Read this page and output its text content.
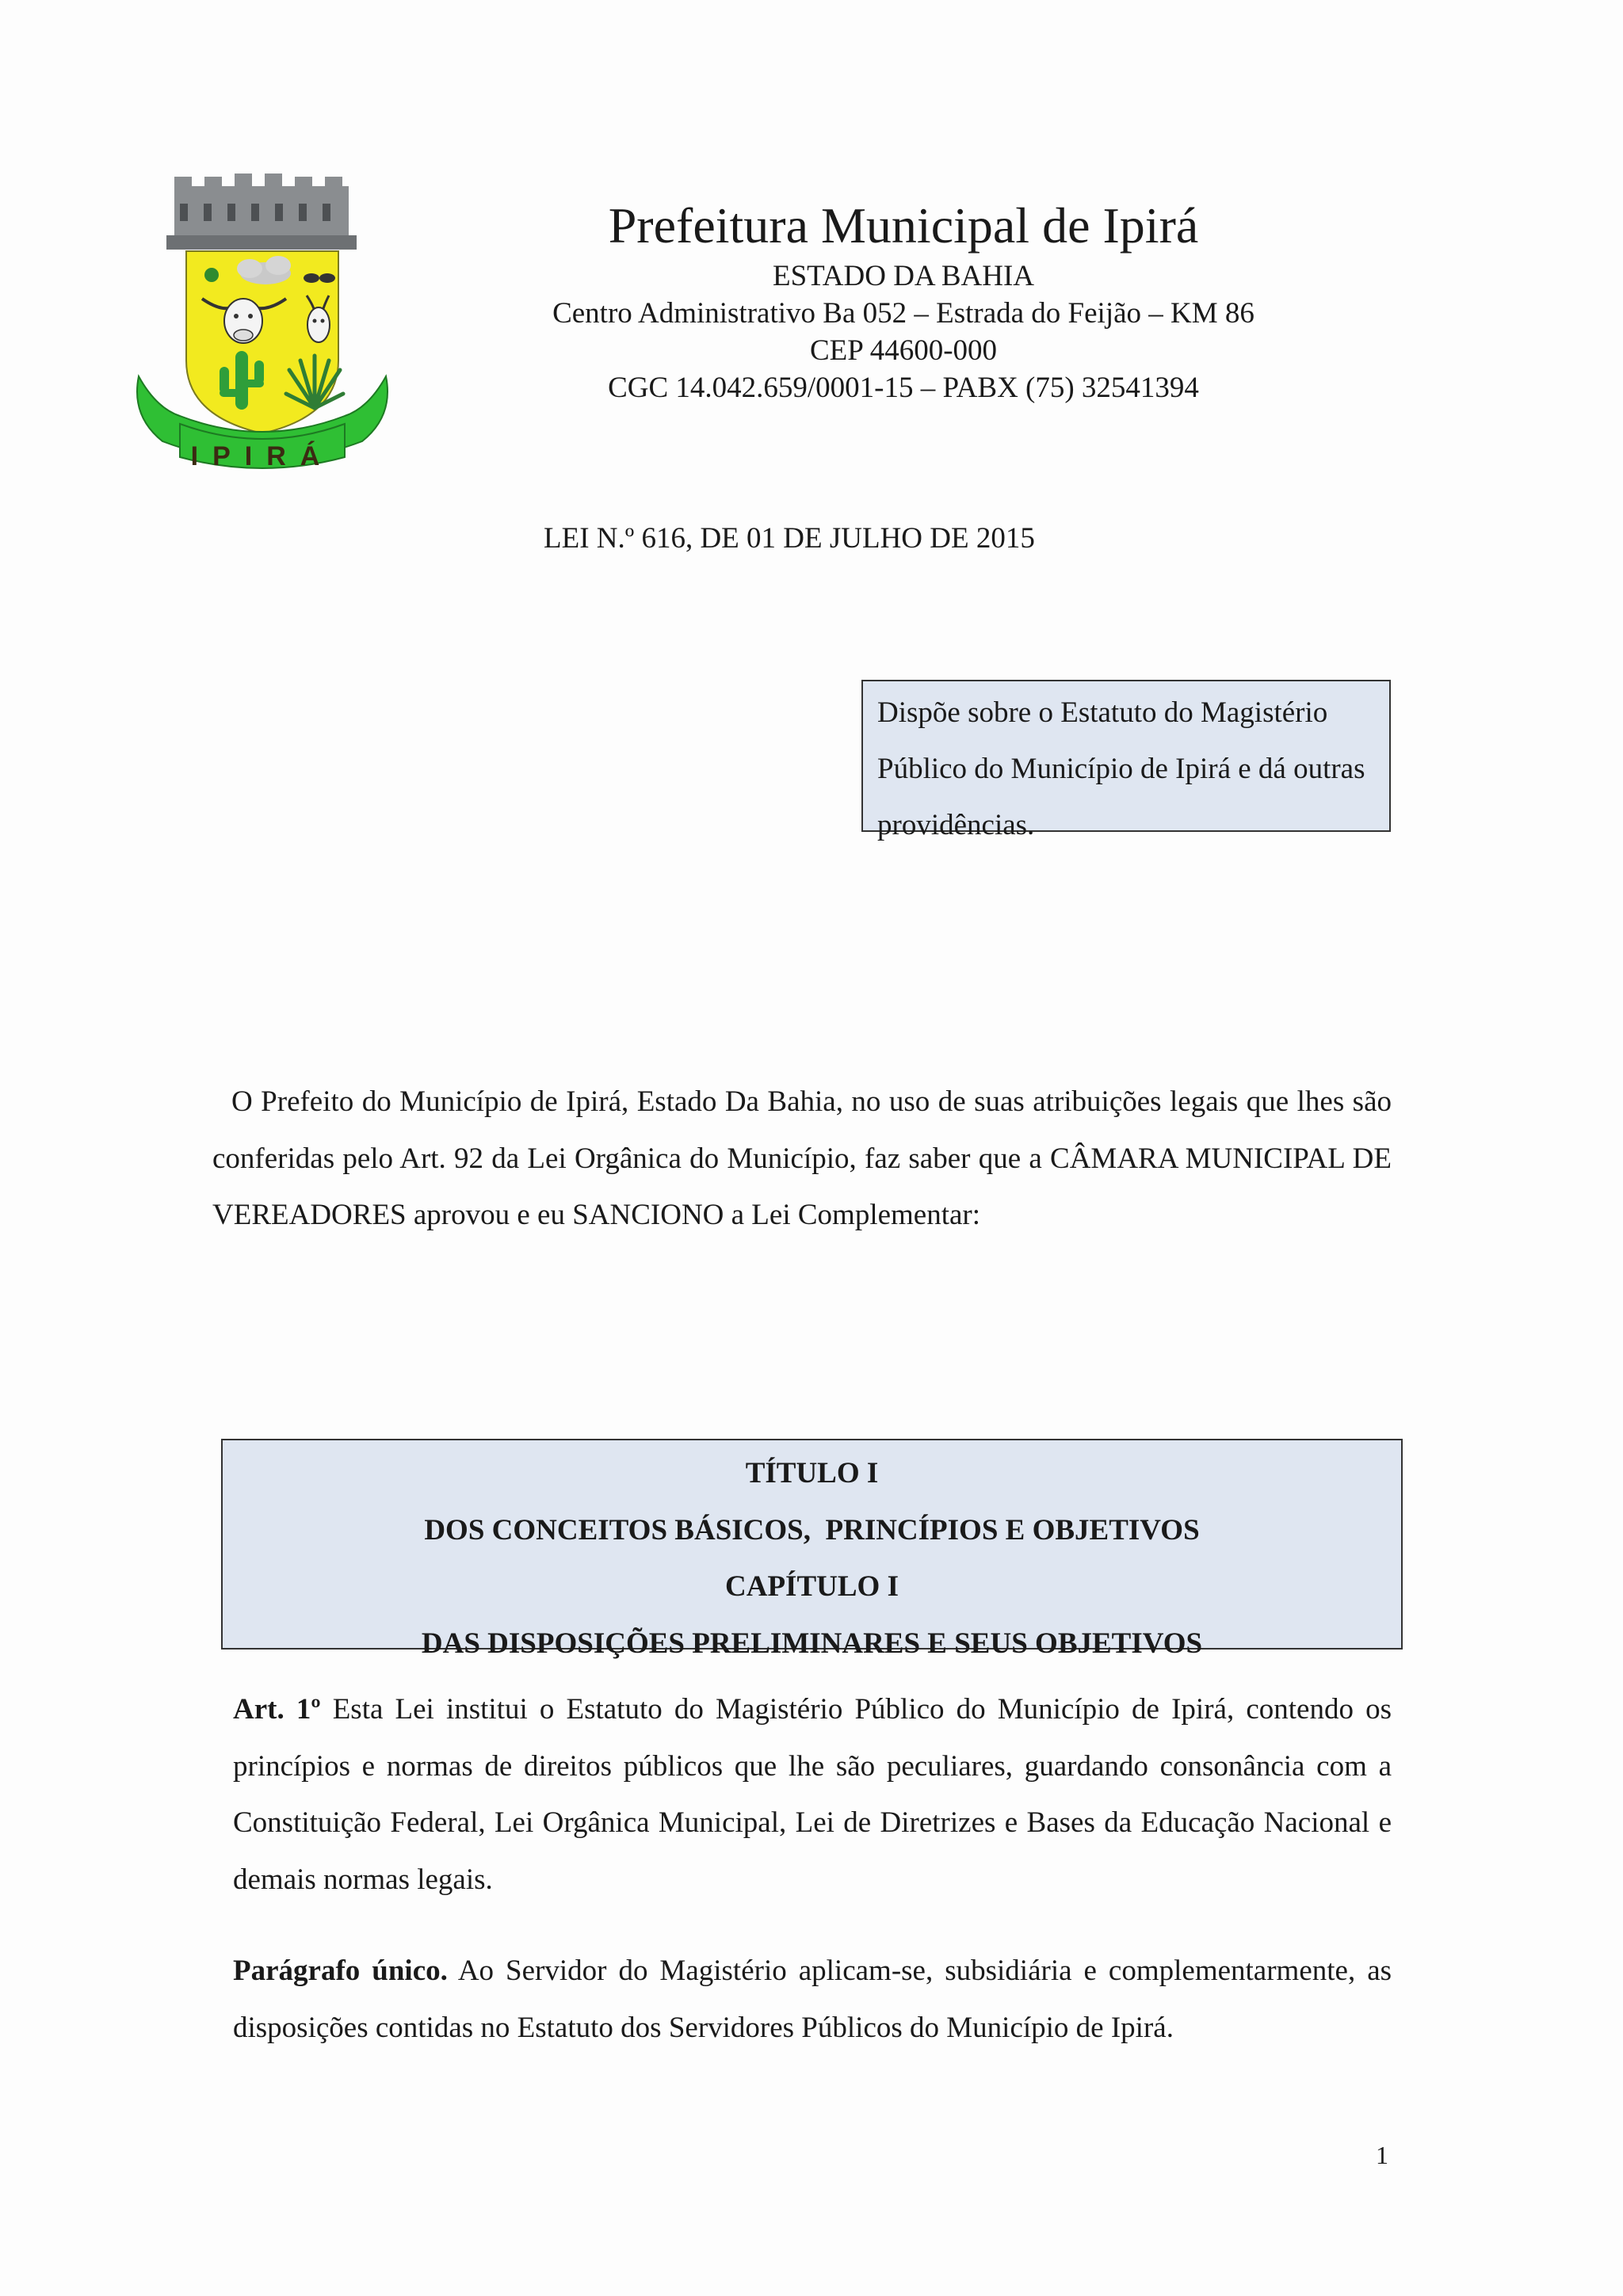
IPIRÁ
Prefeitura Municipal de Ipirá

ESTADO DA BAHIA

Centro Administrativo Ba 052 – Estrada do Feijão – KM 86

CEP 44600-000

CGC 14.042.659/0001-15 – PABX (75) 32541394

LEI N.º 616, DE 01 DE JULHO DE 2015
Dispõe sobre o Estatuto do Magistério Público do Município de Ipirá e dá outras providências.

O Prefeito do Município de Ipirá, Estado Da Bahia, no uso de suas atribuições legais que lhes são conferidas pelo Art. 92 da Lei Orgânica do Município, faz saber que a CÂMARA MUNICIPAL DE VEREADORES aprovou e eu SANCIONO a Lei Complementar:

TÍTULO I
DOS CONCEITOS BÁSICOS,  PRINCÍPIOS E OBJETIVOS
CAPÍTULO I
DAS DISPOSIÇÕES PRELIMINARES E SEUS OBJETIVOS

Art. 1º Esta Lei institui o Estatuto do Magistério Público do Município de Ipirá, contendo os princípios e normas de direitos públicos que lhe são peculiares, guardando consonância com a Constituição Federal, Lei Orgânica Municipal, Lei de Diretrizes e Bases da Educação Nacional e demais normas legais.

Parágrafo único. Ao Servidor do Magistério aplicam-se, subsidiária e complementarmente, as disposições contidas no Estatuto dos Servidores Públicos do Município de Ipirá.

1
